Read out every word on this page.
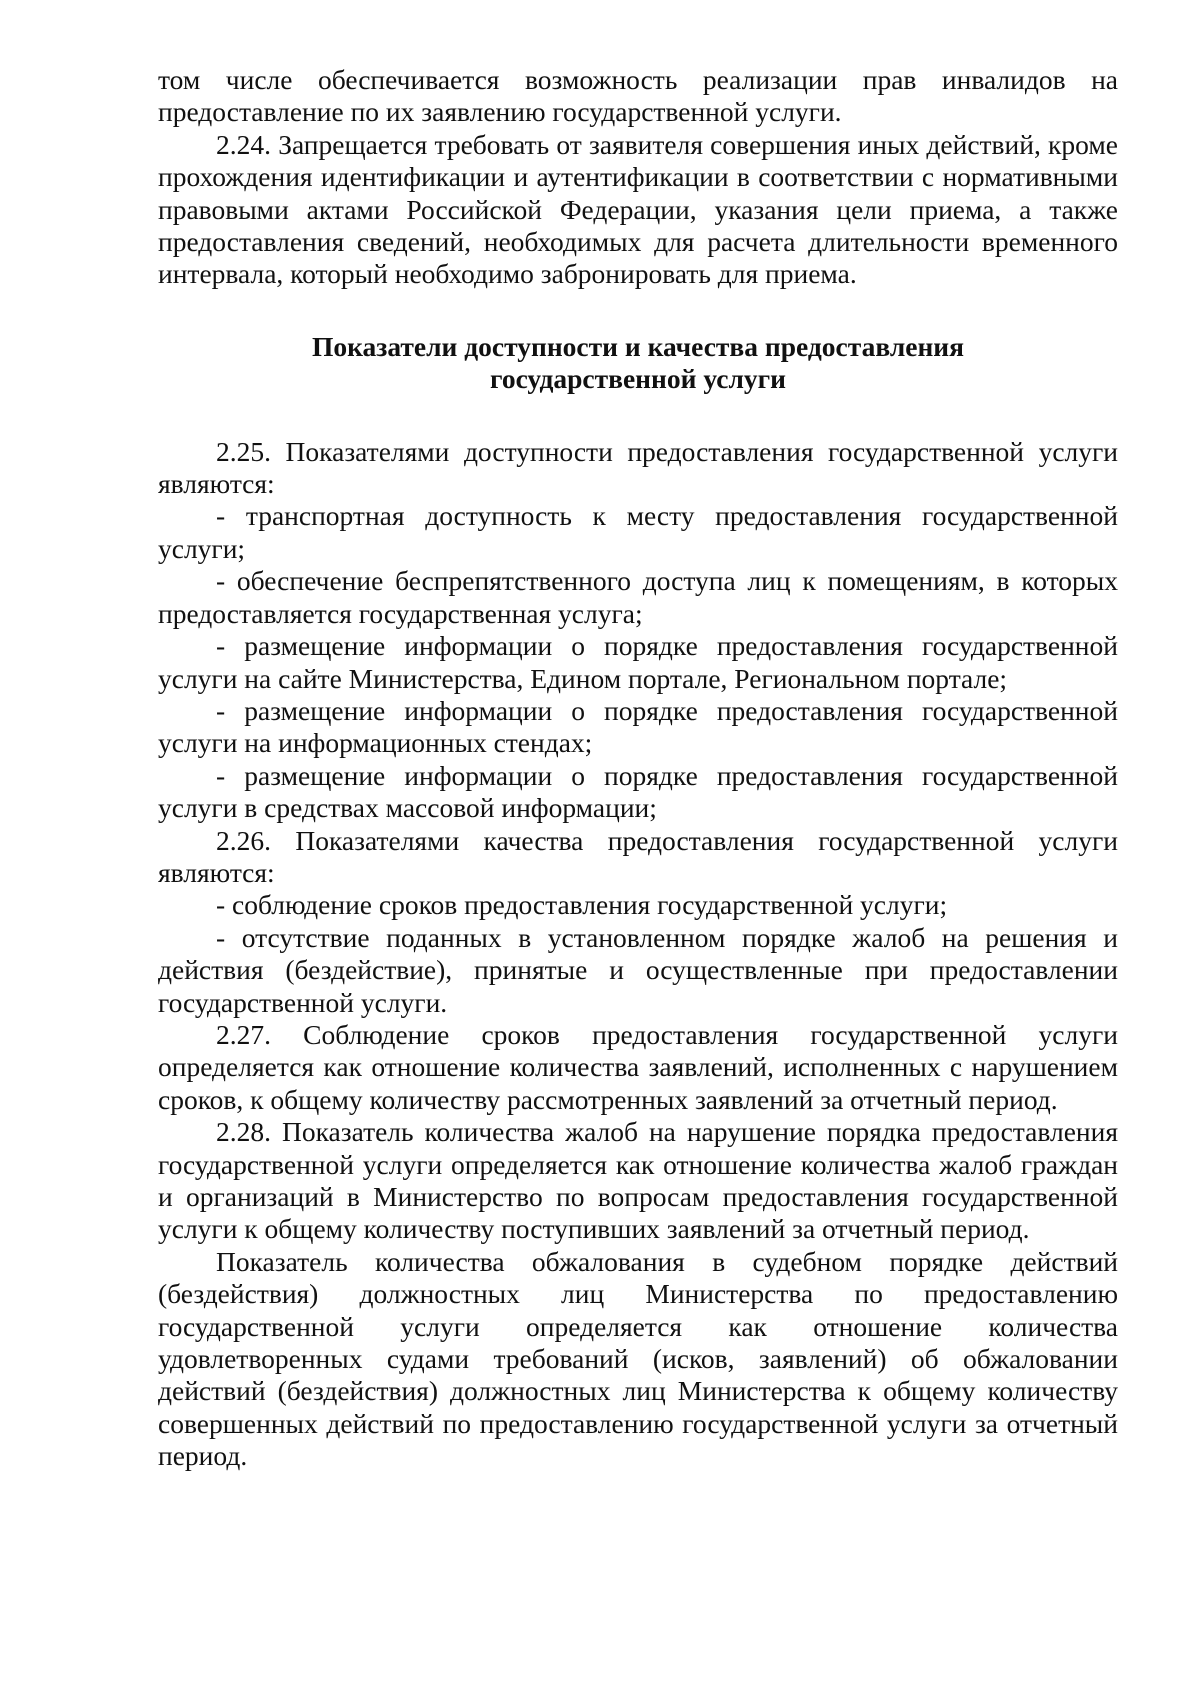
том числе обеспечивается возможность реализации прав инвалидов на предоставление по их заявлению государственной услуги.

2.24. Запрещается требовать от заявителя совершения иных действий, кроме прохождения идентификации и аутентификации в соответствии с нормативными правовыми актами Российской Федерации, указания цели приема, а также предоставления сведений, необходимых для расчета длительности временного интервала, который необходимо забронировать для приема.

Показатели доступности и качества предоставления
государственной услуги

2.25. Показателями доступности предоставления государственной услуги являются:

- транспортная доступность к месту предоставления государственной услуги;

- обеспечение беспрепятственного доступа лиц к помещениям, в которых предоставляется государственная услуга;

- размещение информации о порядке предоставления государственной услуги на сайте Министерства, Едином портале, Региональном портале;

- размещение информации о порядке предоставления государственной услуги на информационных стендах;

- размещение информации о порядке предоставления государственной услуги в средствах массовой информации;

2.26. Показателями качества предоставления государственной услуги являются:

- соблюдение сроков предоставления государственной услуги;

- отсутствие поданных в установленном порядке жалоб на решения и действия (бездействие), принятые и осуществленные при предоставлении государственной услуги.

2.27. Соблюдение сроков предоставления государственной услуги определяется как отношение количества заявлений, исполненных с нарушением сроков, к общему количеству рассмотренных заявлений за отчетный период.

2.28. Показатель количества жалоб на нарушение порядка предоставления государственной услуги определяется как отношение количества жалоб граждан и организаций в Министерство по вопросам предоставления государственной услуги к общему количеству поступивших заявлений за отчетный период.

Показатель количества обжалования в судебном порядке действий (бездействия) должностных лиц Министерства по предоставлению государственной услуги определяется как отношение количества удовлетворенных судами требований (исков, заявлений) об обжаловании действий (бездействия) должностных лиц Министерства к общему количеству совершенных действий по предоставлению государственной услуги за отчетный период.
